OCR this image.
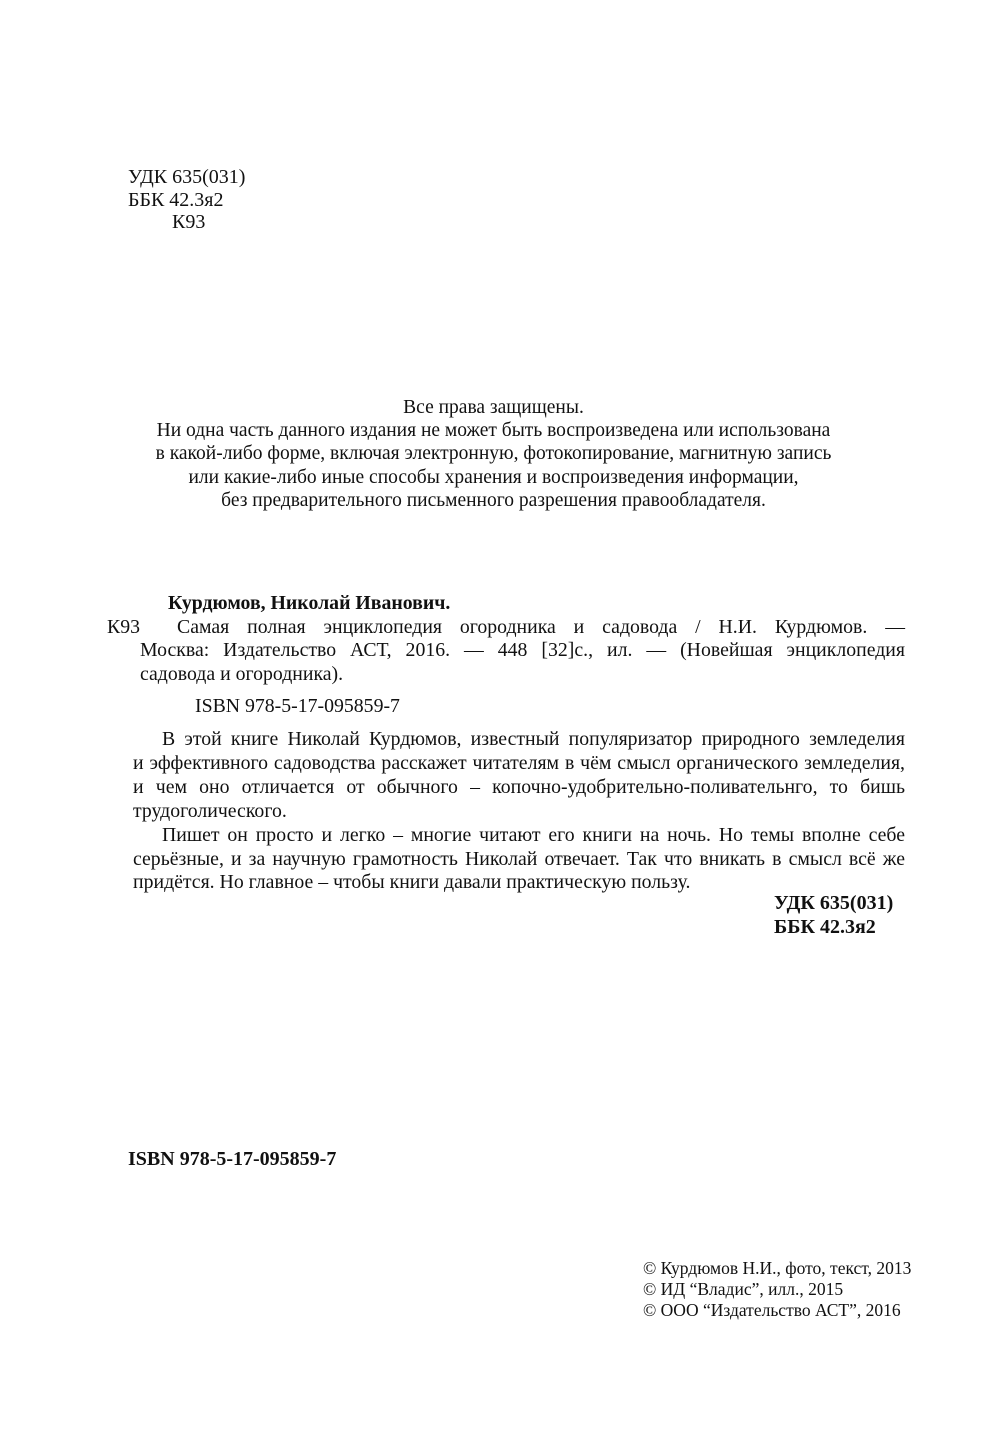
УДК 635(031)
ББК 42.3я2
К93
Все права защищены.
Ни одна часть данного издания не может быть воспроизведена или использована
в какой-либо форме, включая электронную, фотокопирование, магнитную запись
или какие-либо иные способы хранения и воспроизведения информации,
без предварительного письменного разрешения правообладателя.
Курдюмов, Николай Иванович.
К93	Самая полная энциклопедия огородника и садовода / Н.И. Курдюмов. —
Москва: Издательство АСТ, 2016. — 448 [32]с., ил. — (Новейшая энциклопедия
садовода и огородника).
ISBN 978-5-17-095859-7
В этой книге Николай Курдюмов, известный популяризатор природного земледелия
и эффективного садоводства расскажет читателям в чём смысл органического земледелия,
и чем оно отличается от обычного – копочно-удобрительно-поливательнго, то бишь
трудоголического.
Пишет он просто и легко – многие читают его книги на ночь. Но темы вполне себе
серьёзные, и за научную грамотность Николай отвечает. Так что вникать в смысл всё же
придётся. Но главное – чтобы книги давали практическую пользу.
УДК 635(031)
ББК 42.3я2
ISBN 978-5-17-095859-7
© Курдюмов Н.И., фото, текст, 2013
© ИД “Владис”, илл., 2015
© ООО “Издательство АСТ”, 2016
